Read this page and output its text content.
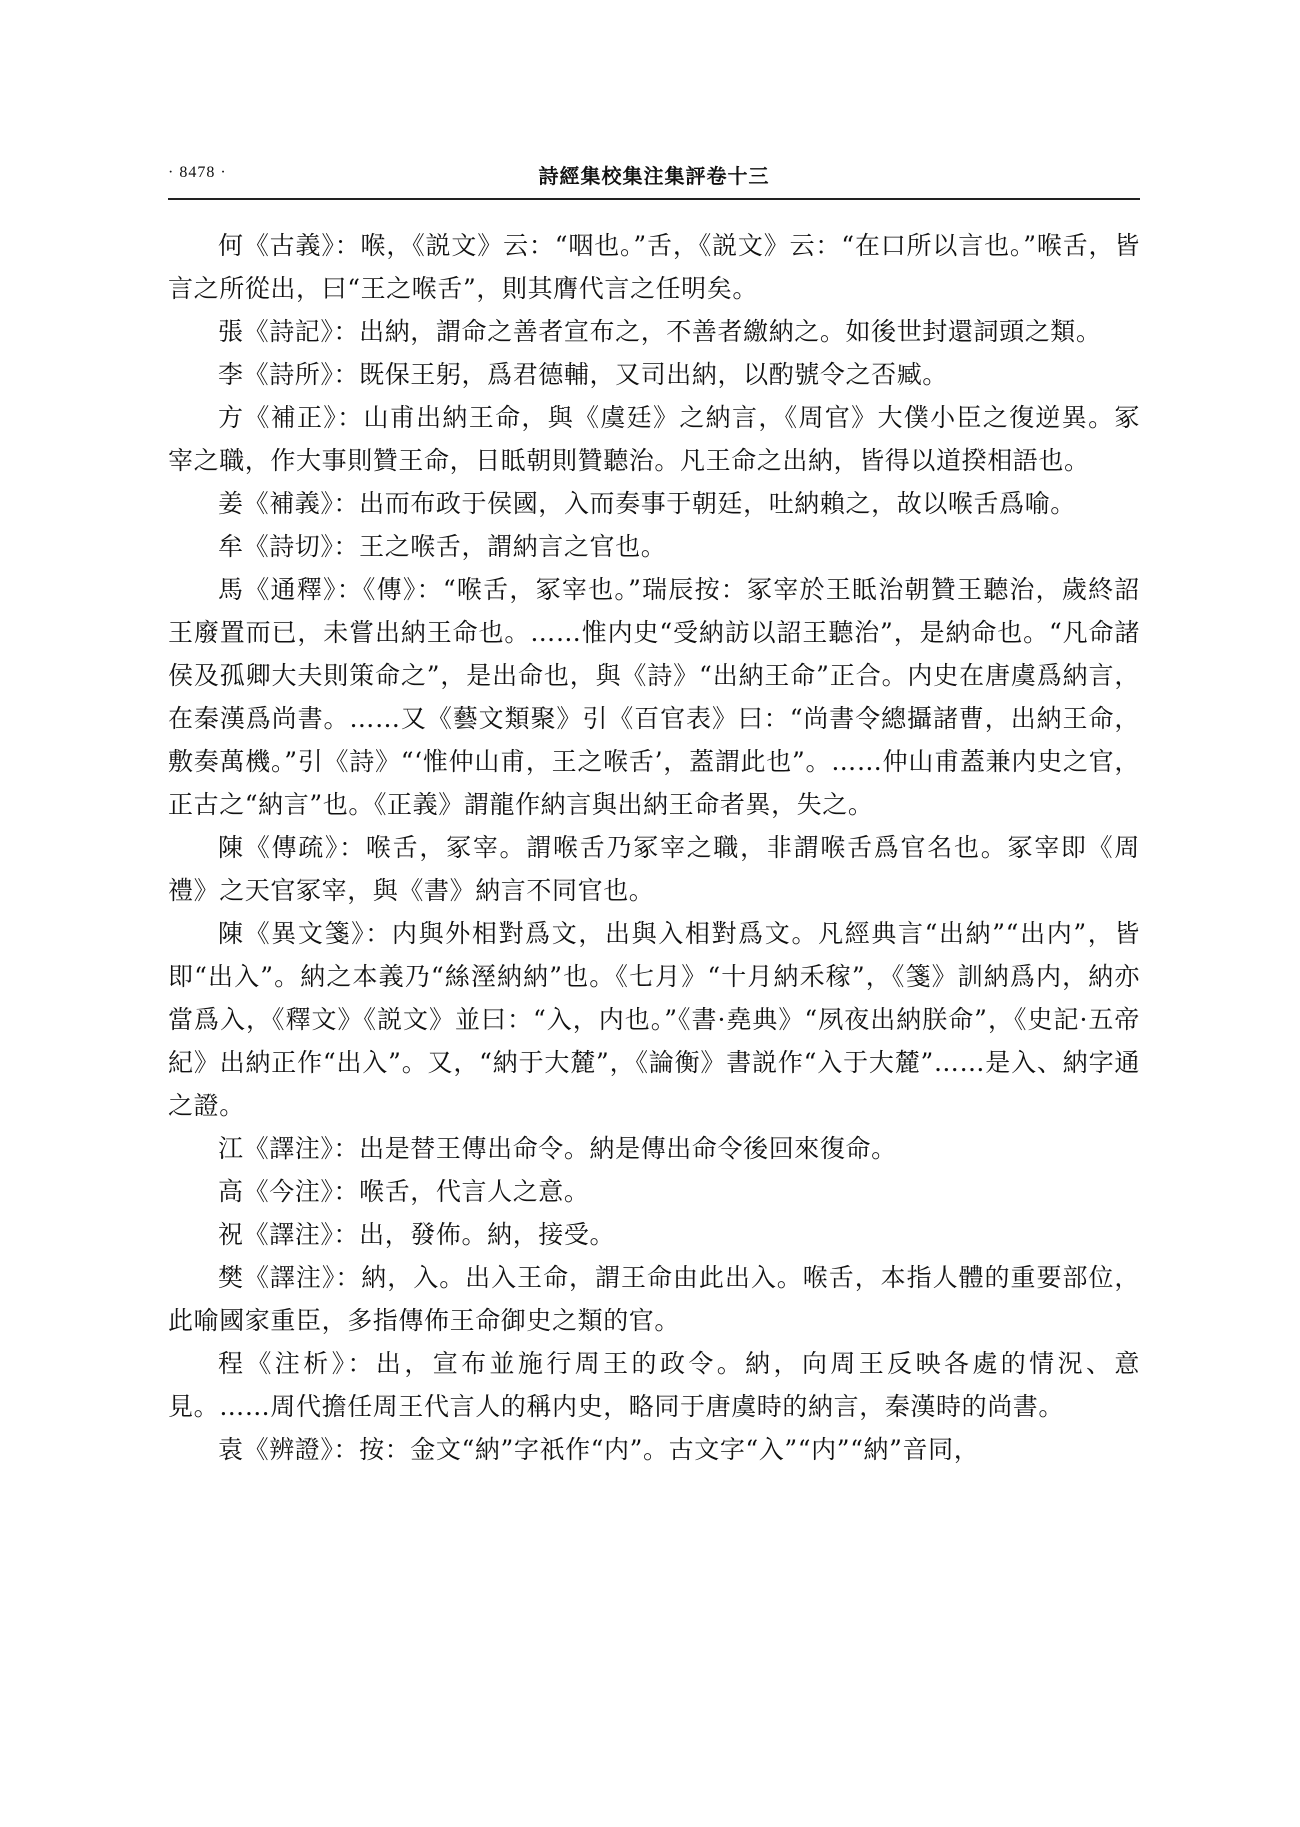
· 8478 ·	詩經集校集注集評卷十三

何《古義》：喉，《説文》云：“咽也。”舌，《説文》云：“在口所以言也。”喉舌，皆言之所從出，曰“王之喉舌”，則其膺代言之任明矣。

張《詩記》：出納，謂命之善者宣布之，不善者繳納之。如後世封還詞頭之類。

李《詩所》：既保王躬，爲君德輔，又司出納，以酌號令之否臧。

方《補正》：山甫出納王命，與《虞廷》之納言，《周官》大僕小臣之復逆異。冢宰之職，作大事則贊王命，日眡朝則贊聽治。凡王命之出納，皆得以道揆相語也。

姜《補義》：出而布政于侯國，入而奏事于朝廷，吐納賴之，故以喉舌爲喻。

牟《詩切》：王之喉舌，謂納言之官也。

馬《通釋》：《傳》：“喉舌，冢宰也。”瑞辰按：冢宰於王眡治朝贊王聽治，歲終詔王廢置而已，未嘗出納王命也。……惟内史“受納訪以詔王聽治”，是納命也。“凡命諸侯及孤卿大夫則策命之”，是出命也，與《詩》“出納王命”正合。内史在唐虞爲納言，在秦漢爲尚書。……又《藝文類聚》引《百官表》曰：“尚書令總攝諸曹，出納王命，敷奏萬機。”引《詩》“‘惟仲山甫，王之喉舌’，蓋謂此也”。……仲山甫蓋兼内史之官，正古之“納言”也。《正義》謂龍作納言與出納王命者異，失之。

陳《傳疏》：喉舌，冢宰。謂喉舌乃冢宰之職，非謂喉舌爲官名也。冢宰即《周禮》之天官冢宰，與《書》納言不同官也。

陳《異文箋》：内與外相對爲文，出與入相對爲文。凡經典言“出納”“出内”，皆即“出入”。納之本義乃“絲溼納納”也。《七月》“十月納禾稼”，《箋》訓納爲内，納亦當爲入，《釋文》《説文》並曰：“入，内也。”《書·堯典》“夙夜出納朕命”，《史記·五帝紀》出納正作“出入”。又，“納于大麓”，《論衡》書説作“入于大麓”……是入、納字通之證。

江《譯注》：出是替王傳出命令。納是傳出命令後回來復命。

高《今注》：喉舌，代言人之意。

祝《譯注》：出，發佈。納，接受。

樊《譯注》：納，入。出入王命，謂王命由此出入。喉舌，本指人體的重要部位，此喻國家重臣，多指傳佈王命御史之類的官。

程《注析》：出，宣布並施行周王的政令。納，向周王反映各處的情況、意見。……周代擔任周王代言人的稱内史，略同于唐虞時的納言，秦漢時的尚書。

袁《辨證》：按：金文“納”字祇作“内”。古文字“入”“内”“納”音同，
